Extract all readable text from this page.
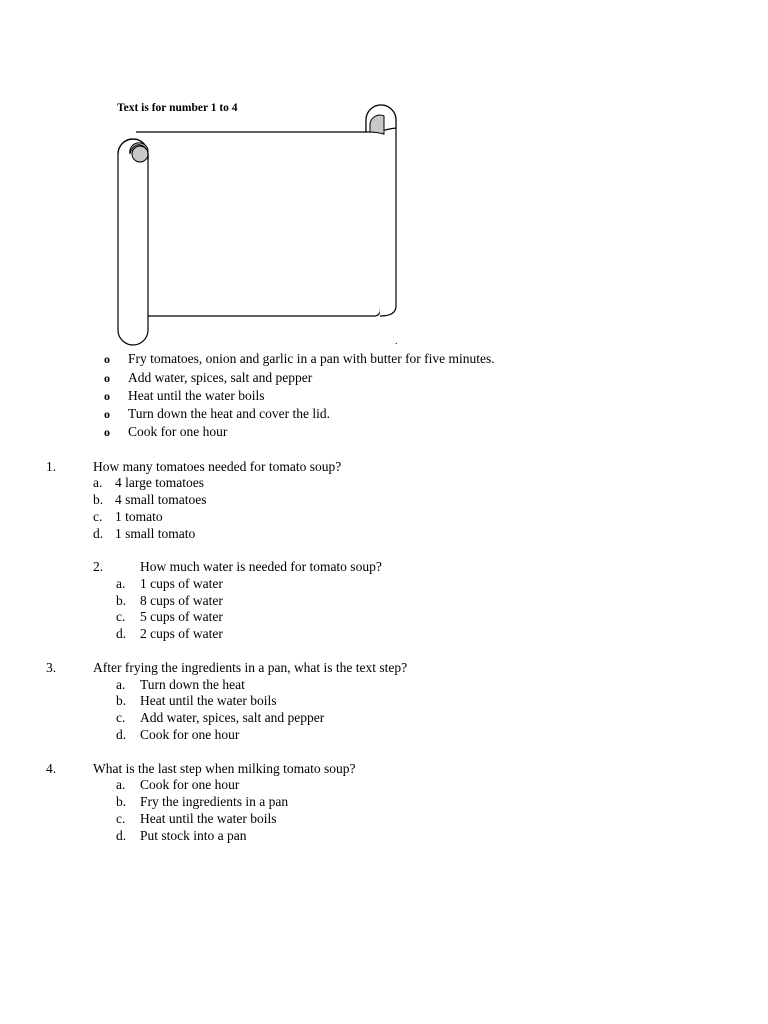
Text is for number 1 to 4
.
o Fry tomatoes, onion and garlic in a pan with butter for five minutes.
o Add water, spices, salt and pepper
o Heat until the water boils
o Turn down the heat and cover the lid.
o Cook for one hour
1.	How many tomatoes needed for tomato soup?
a. 4 large tomatoes
b. 4 small tomatoes
c. 1 tomato
d. 1 small tomato
2.	How much water is needed for tomato soup?
a. 1 cups of water
b. 8 cups of water
c. 5 cups of water
d. 2 cups of water
3.	After frying the ingredients in a pan, what is the text step?
a. Turn down the heat
b. Heat until the water boils
c. Add water, spices, salt and pepper
d. Cook for one hour
4.	What is the last step when milking tomato soup?
a. Cook for one hour
b. Fry the ingredients in a pan
c. Heat until the water boils
d. Put stock into a pan
